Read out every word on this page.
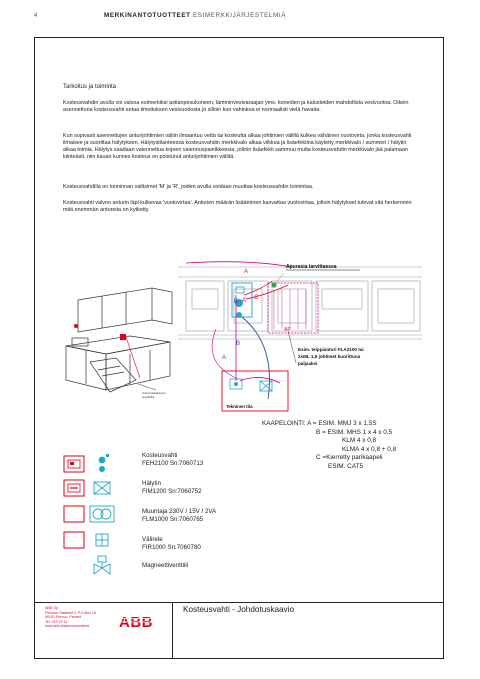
4	MERKINANTOTUOTTEET ESIMERKKIJÄRJESTELMIÄ
Tarkoitus ja toiminta
Kosteusvahdin avulla voi valvoa esimerkiksi astianpesukoneen, lämminvesivaraajan yms. koneiden ja kalusteiden mahdollista vesivuotoa. Oikein asennettuna kosteusvahti antaa ilmoituksen vesivuodosta jo silloin kun vahinkoa ei normaalisti vielä havaita.
Kun sopivasti asennettujen anturijohtimien väliin ilmaantuu vettä tai kosteutta alkaa johtimien välillä kulkea vähäinen vuotovirta, jonka kosteusvahti ilmaisee ja suorittaa hälytyksen. Hälytystilanteessa kosteusvahdin merkkivalo alkaa vilkkua ja lisäefektinä käytetty merkkivalo / summeri / hälytin alkaa toimia. Hälytys saadaan vaiennettua kojeen vaiennuspainikkeesta, jolloin lisäefekti sammuu mutta kosteusvahdin merkkivalo jää palamaan kiinteästi, niin kauan kunnes kosteus on poistunut anturijohtimien väliltä.
Kosteusvahdilla on toiminnan valitsimet 'M' ja 'R', joiden avulla voidaan muuttaa kosteusvahdin toimintaa.
Kosteusvahti valvoo anturin läpi kulkevaa 'vuotovirtaa'. Anturien määrän lisääminen kasvattaa vuotovirtaa, jolloin hälytykset tulevat sitä herkemmin mitä enemmän antureita on kytketty.
Anturi lattiakaivon
ympärillä
AP
A
B A C
B
A
Apurasia tarvittaessa
Esim. teippianturi FLA2100 tai
2xML 1,5 johtimet kuorittuna
paljaaksi
Tekninen tila
KAAPELOINTI: A = ESIM. MMJ 3 x 1,5S
B = ESIM. MHS 1 x 4 x 0,5
KLM 4 x 0,8
KLMA 4 x 0,8 + 0,8
C =Kierretty parikaapeli
ESIM. CAT5
Kosteusvahti
FEH2100 Sn:7060713
Hälytin
FIM1200 Sn:7060752
Muuntaja 230V / 15V / 2VA
FLM1000 Sn:7060765
Välirele
FIR1000 Sn:7060780
Magneettiventtiili
ABB Oy
Porvoon Sisäkrist 2, P.O.Box 18
06101 Porvoo, Finland
Tel. 010 22 11
www.abb.fi/asennustuotteet	ABB
Kosteusvahti - Johdotuskaavio
